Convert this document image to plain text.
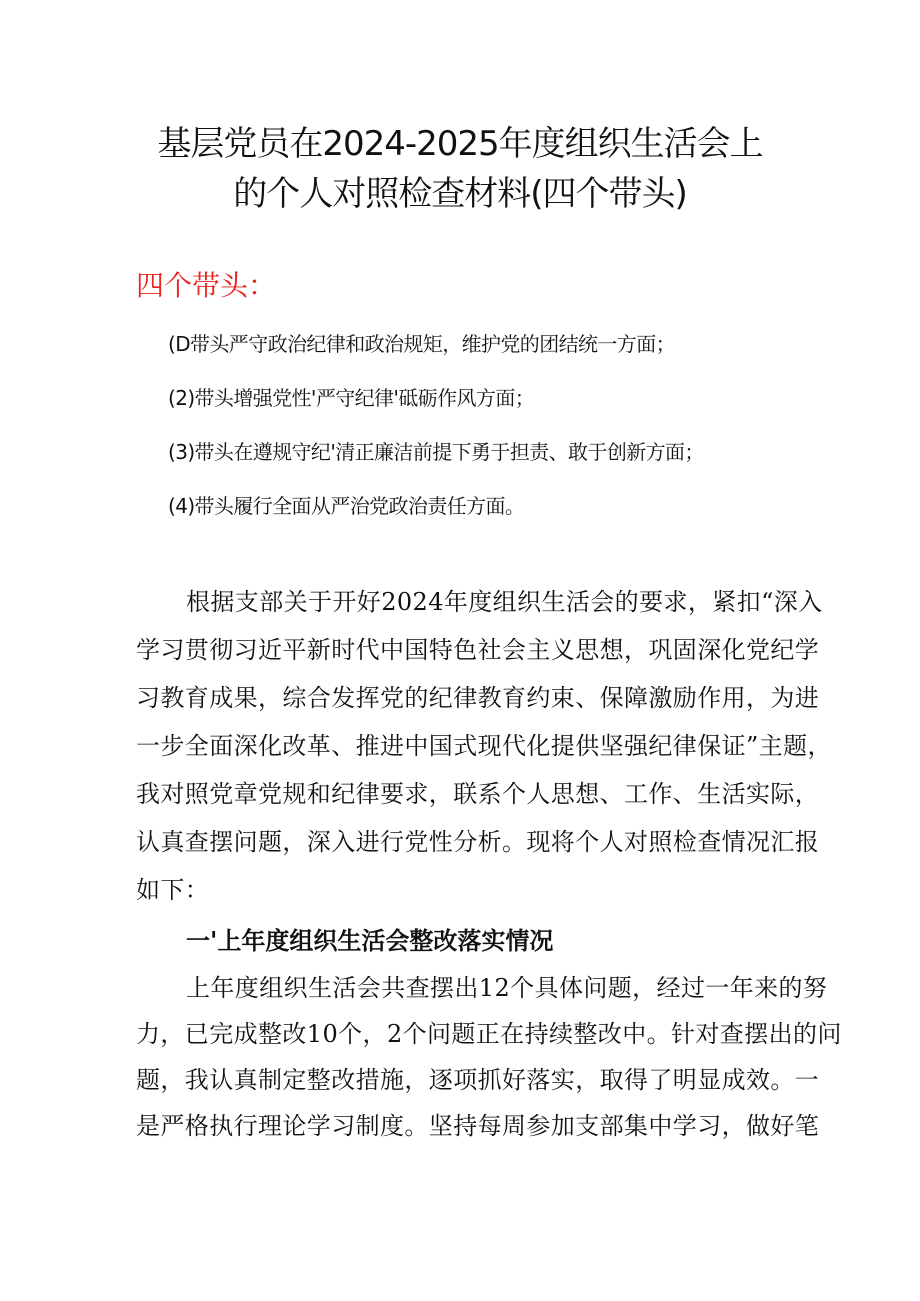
基层党员在2024-2025年度组织生活会上
的个人对照检查材料(四个带头)
四个带头：
(D带头严守政治纪律和政治规矩，维护党的团结统一方面；
(2)带头增强党性'严守纪律'砥砺作风方面；
(3)带头在遵规守纪'清正廉洁前提下勇于担责、敢于创新方面；
(4)带头履行全面从严治党政治责任方面。
根据支部关于开好2024年度组织生活会的要求，紧扣“深入
学习贯彻习近平新时代中国特色社会主义思想，巩固深化党纪学
习教育成果，综合发挥党的纪律教育约束、保障激励作用，为进
一步全面深化改革、推进中国式现代化提供坚强纪律保证”主题，
我对照党章党规和纪律要求，联系个人思想、工作、生活实际，
认真查摆问题，深入进行党性分析。现将个人对照检查情况汇报
如下：
一'上年度组织生活会整改落实情况
上年度组织生活会共查摆出12个具体问题，经过一年来的努
力，已完成整改10个，2个问题正在持续整改中。针对查摆出的问
题，我认真制定整改措施，逐项抓好落实，取得了明显成效。一
是严格执行理论学习制度。坚持每周参加支部集中学习，做好笔
